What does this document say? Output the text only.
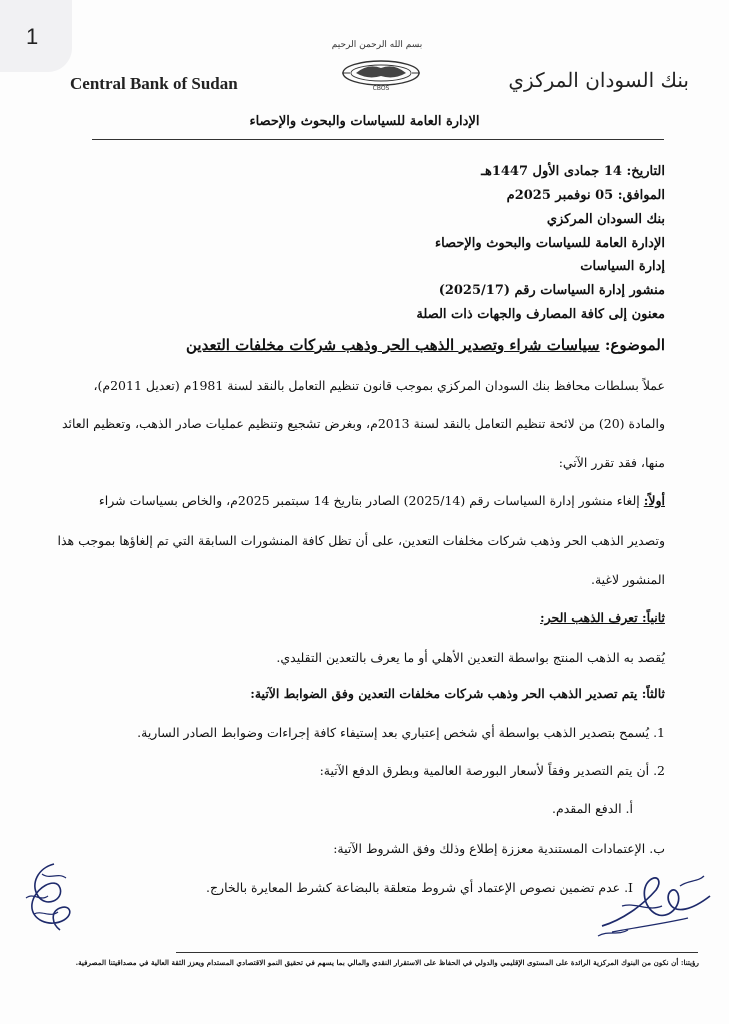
1	بسم الله الرحمن الرحيم
CBOS
Central Bank of Sudan	بنك السودان المركزي
الإدارة العامة للسياسات والبحوث والإحصاء
التاريخ: 14 جمادى الأول 1447هـ
الموافق: 05 نوفمبر 2025م
بنك السودان المركزي
الإدارة العامة للسياسات والبحوث والإحصاء
إدارة السياسات
منشور إدارة السياسات رقم (2025/17)
معنون إلى كافة المصارف والجهات ذات الصلة
الموضوع: سياسات شراء وتصدير الذهب الحر وذهب شركات مخلفات التعدين
عملاً بسلطات محافظ بنك السودان المركزي بموجب قانون تنظيم التعامل بالنقد لسنة 1981م (تعديل 2011م)،
والمادة (20) من لائحة تنظيم التعامل بالنقد لسنة 2013م، وبغرض تشجيع وتنظيم عمليات صادر الذهب، وتعظيم العائد
منها، فقد تقرر الآتي:
أولاً: إلغاء منشور إدارة السياسات رقم (2025/14) الصادر بتاريخ 14 سبتمبر 2025م، والخاص بسياسات شراء
وتصدير الذهب الحر وذهب شركات مخلفات التعدين، على أن تظل كافة المنشورات السابقة التي تم إلغاؤها بموجب هذا
المنشور لاغية.
ثانياً: تعرف الذهب الحر:
يُقصد به الذهب المنتج بواسطة التعدين الأهلي أو ما يعرف بالتعدين التقليدي.
ثالثاً: يتم تصدير الذهب الحر وذهب شركات مخلفات التعدين وفق الضوابط الآتية:
1. يُسمح بتصدير الذهب بواسطة أي شخص إعتباري بعد إستيفاء كافة إجراءات وضوابط الصادر السارية.
2. أن يتم التصدير وفقاً لأسعار البورصة العالمية وبطرق الدفع الآتية:
أ. الدفع المقدم.
ب. الإعتمادات المستندية معززة إطلاع وذلك وفق الشروط الآتية:
I. عدم تضمين نصوص الإعتماد أي شروط متعلقة بالبضاعة كشرط المعايرة بالخارج.
رؤيتنا: أن نكون من البنوك المركزية الرائدة على المستوى الإقليمي والدولي في الحفاظ على الاستقرار النقدي والمالي بما يسهم في تحقيق النمو الاقتصادي المستدام ويعزز الثقة العالية في مصداقيتنا المصرفية.
